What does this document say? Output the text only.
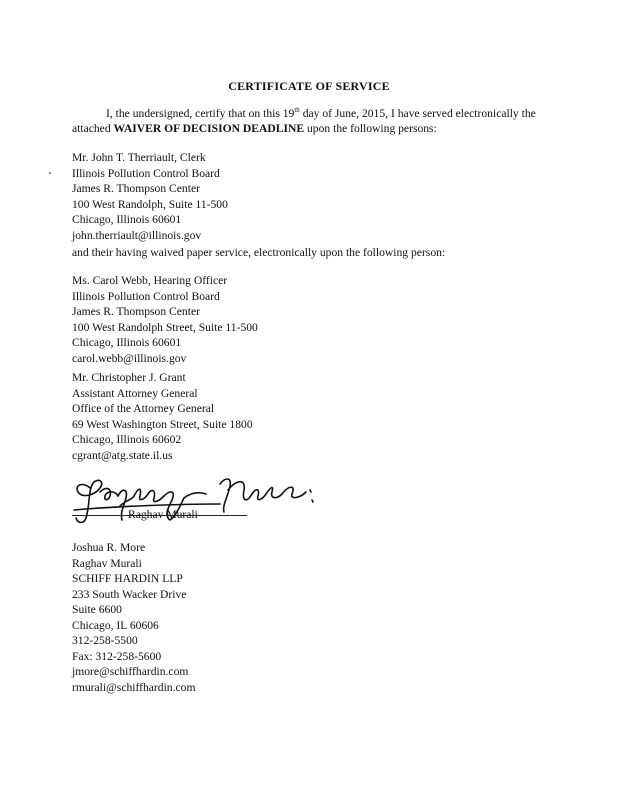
CERTIFICATE OF SERVICE
I, the undersigned, certify that on this 19th day of June, 2015, I have served electronically the attached WAIVER OF DECISION DEADLINE upon the following persons:
Mr. John T. Therriault, Clerk
Illinois Pollution Control Board
James R. Thompson Center
100 West Randolph, Suite 11-500
Chicago, Illinois 60601
john.therriault@illinois.gov
and their having waived paper service, electronically upon the following person:
Ms. Carol Webb, Hearing Officer
Illinois Pollution Control Board
James R. Thompson Center
100 West Randolph Street, Suite 11-500
Chicago, Illinois 60601
carol.webb@illinois.gov
Mr. Christopher J. Grant
Assistant Attorney General
Office of the Attorney General
69 West Washington Street, Suite 1800
Chicago, Illinois 60602
cgrant@atg.state.il.us
Raghav Murali
Joshua R. More
Raghav Murali
SCHIFF HARDIN LLP
233 South Wacker Drive
Suite 6600
Chicago, IL 60606
312-258-5500
Fax: 312-258-5600
jmore@schiffhardin.com
rmurali@schiffhardin.com
